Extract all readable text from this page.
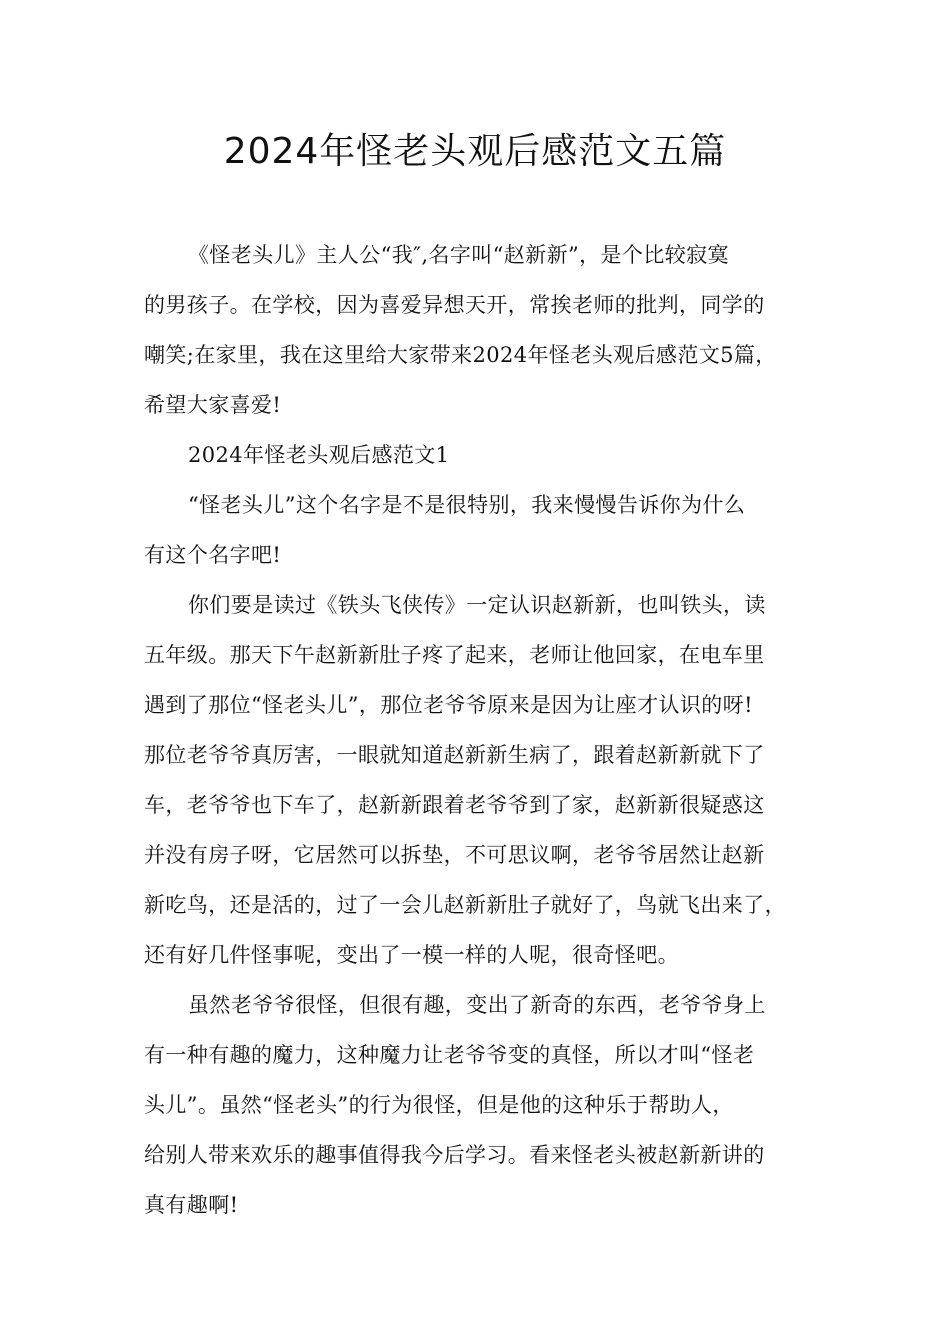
2024年怪老头观后感范文五篇

《怪老头儿》主人公“我″,名字叫“赵新新”，是个比较寂寞

的男孩子。在学校，因为喜爱异想天开，常挨老师的批判，同学的

嘲笑;在家里，我在这里给大家带来2024年怪老头观后感范文5篇，

希望大家喜爱!

2024年怪老头观后感范文1

“怪老头儿”这个名字是不是很特别，我来慢慢告诉你为什么

有这个名字吧!

你们要是读过《铁头飞侠传》一定认识赵新新，也叫铁头，读

五年级。那天下午赵新新肚子疼了起来，老师让他回家，在电车里

遇到了那位“怪老头儿”，那位老爷爷原来是因为让座才认识的呀!

那位老爷爷真厉害，一眼就知道赵新新生病了，跟着赵新新就下了

车，老爷爷也下车了，赵新新跟着老爷爷到了家，赵新新很疑惑这

并没有房子呀，它居然可以拆垫，不可思议啊，老爷爷居然让赵新

新吃鸟，还是活的，过了一会儿赵新新肚子就好了，鸟就飞出来了，

还有好几件怪事呢，变出了一模一样的人呢，很奇怪吧。

虽然老爷爷很怪，但很有趣，变出了新奇的东西，老爷爷身上

有一种有趣的魔力，这种魔力让老爷爷变的真怪，所以才叫“怪老

头儿”。虽然“怪老头”的行为很怪，但是他的这种乐于帮助人，

给别人带来欢乐的趣事值得我今后学习。看来怪老头被赵新新讲的

真有趣啊!
